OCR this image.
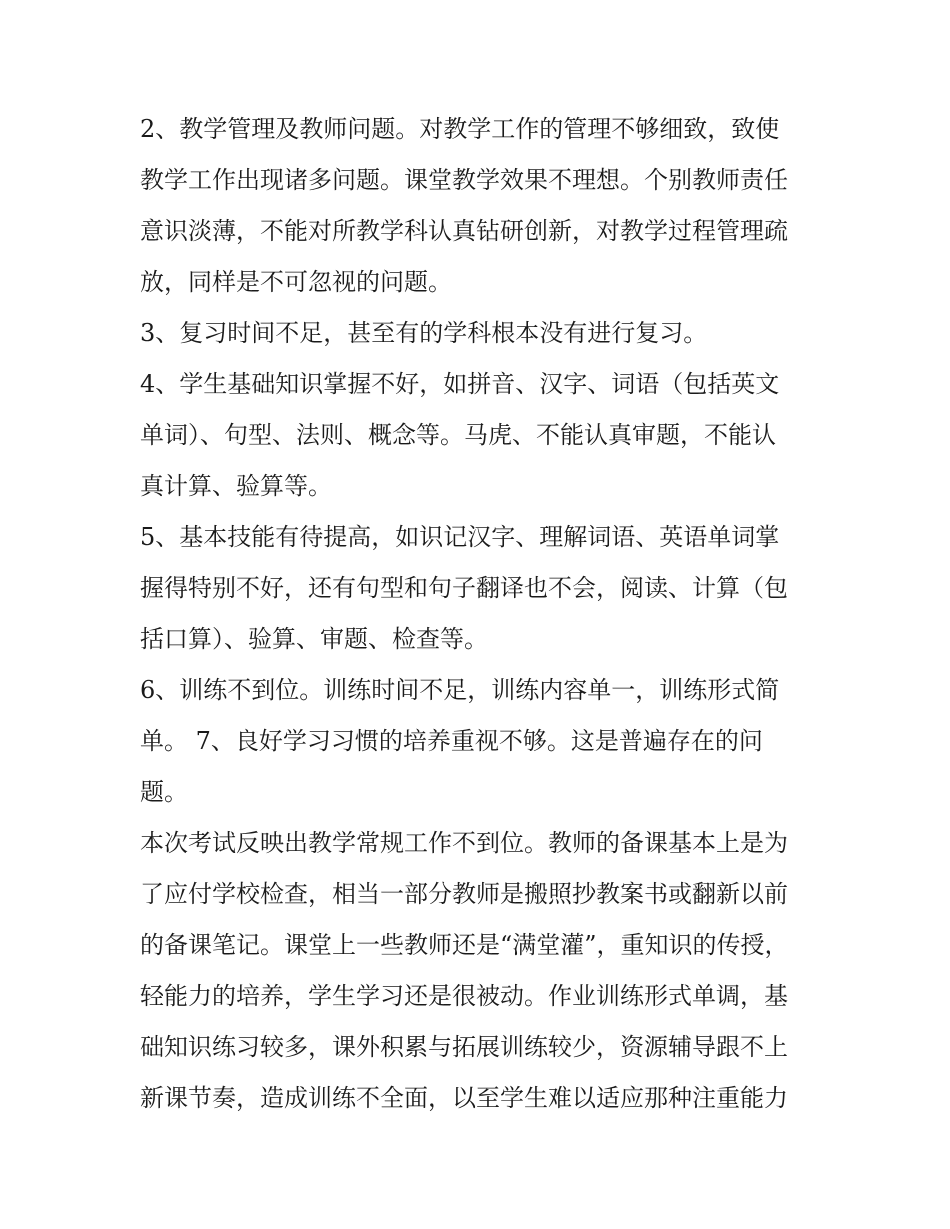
2、教学管理及教师问题。对教学工作的管理不够细致，致使
教学工作出现诸多问题。课堂教学效果不理想。个别教师责任
意识淡薄，不能对所教学科认真钻研创新，对教学过程管理疏
放，同样是不可忽视的问题。
3、复习时间不足，甚至有的学科根本没有进行复习。
4、学生基础知识掌握不好，如拼音、汉字、词语（包括英文
单词）、句型、法则、概念等。马虎、不能认真审题，不能认
真计算、验算等。
5、基本技能有待提高，如识记汉字、理解词语、英语单词掌
握得特别不好，还有句型和句子翻译也不会，阅读、计算（包
括口算）、验算、审题、检查等。
6、训练不到位。训练时间不足，训练内容单一，训练形式简
单。 7、良好学习习惯的培养重视不够。这是普遍存在的问
题。
本次考试反映出教学常规工作不到位。教师的备课基本上是为
了应付学校检查，相当一部分教师是搬照抄教案书或翻新以前
的备课笔记。课堂上一些教师还是“满堂灌”，重知识的传授，
轻能力的培养，学生学习还是很被动。作业训练形式单调，基
础知识练习较多，课外积累与拓展训练较少，资源辅导跟不上
新课节奏，造成训练不全面，以至学生难以适应那种注重能力
